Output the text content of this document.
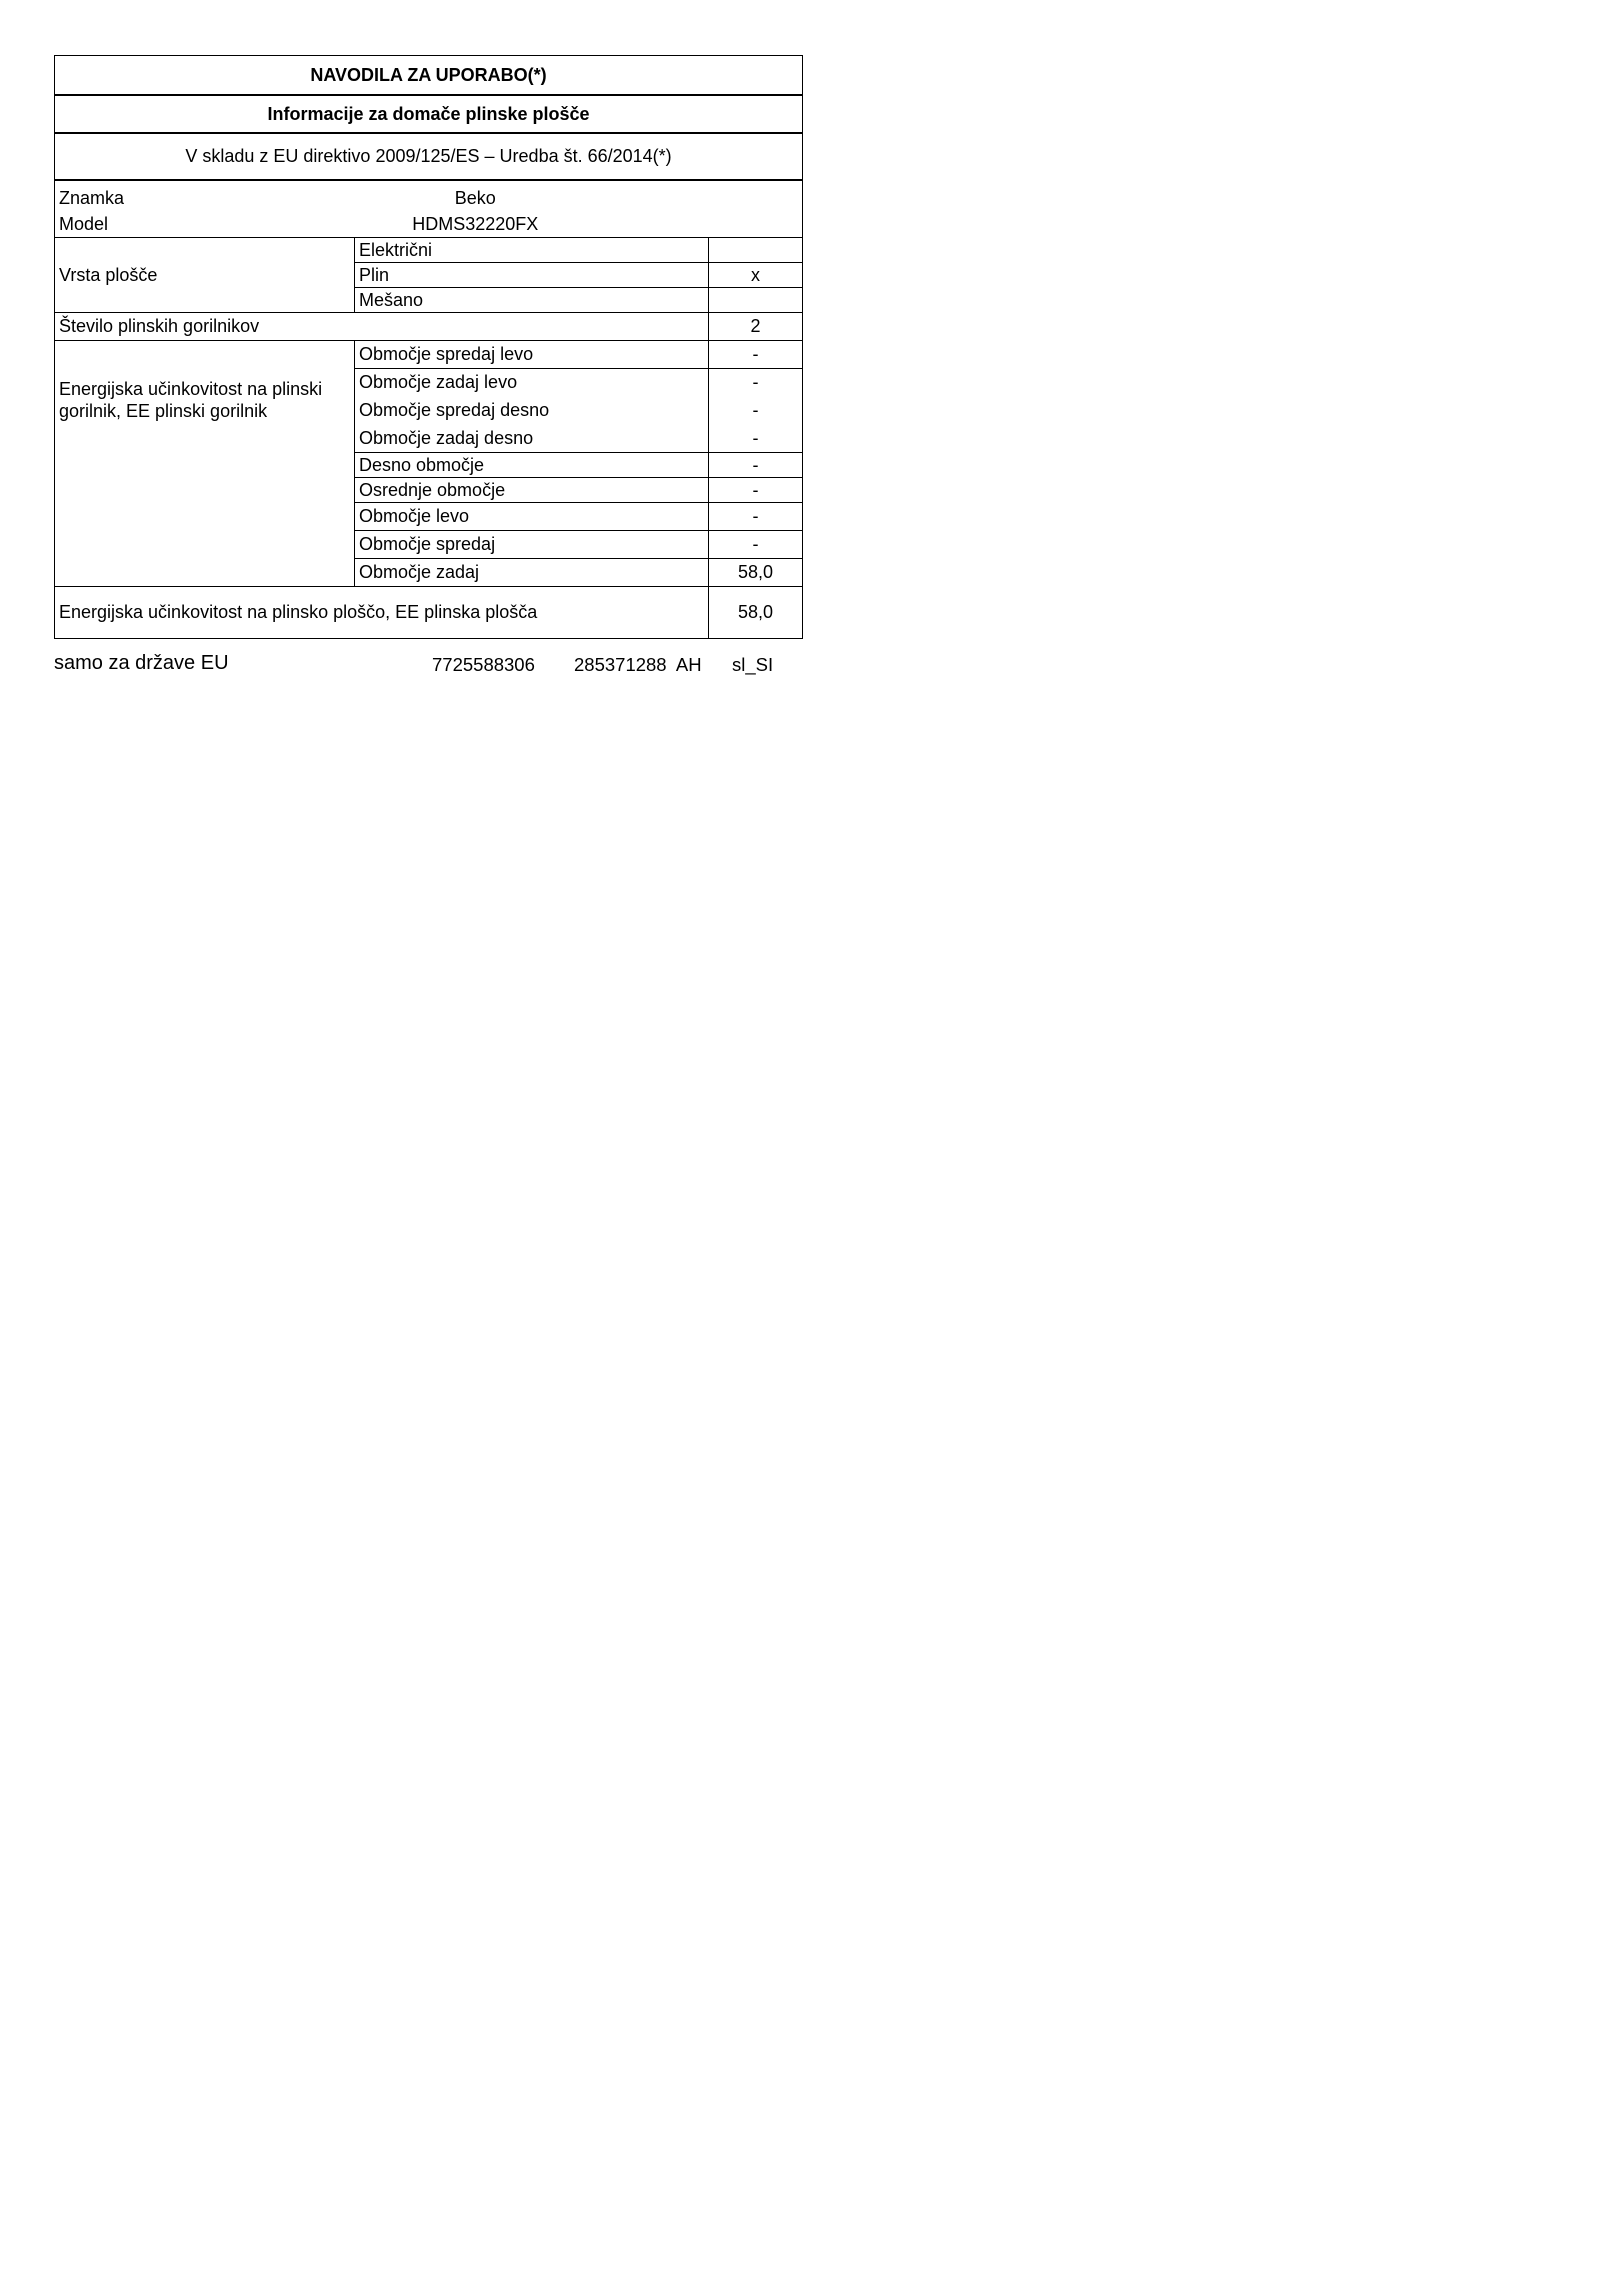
NAVODILA ZA UPORABO(*)		
Informacije za domače plinske plošče		
V skladu z EU direktivo 2009/125/ES – Uredba št. 66/2014(*)		
Znamka	Beko	
Model	HDMS32220FX	
Vrsta plošče	Električni	
	Plin	x
	Mešano	
Število plinskih gorilnikov		2
Energijska učinkovitost na plinski gorilnik, EE plinski gorilnik	Območje spredaj levo	-
	Območje zadaj levo	-
	Območje spredaj desno	-
	Območje zadaj desno	-
	Desno območje	-
	Osrednje območje	-
	Območje levo	-
	Območje spredaj	-
	Območje zadaj	58,0
Energijska učinkovitost na plinsko ploščo, EE plinska plošča		58,0
samo za države EU	7725588306 285371288  AH sl_SI
